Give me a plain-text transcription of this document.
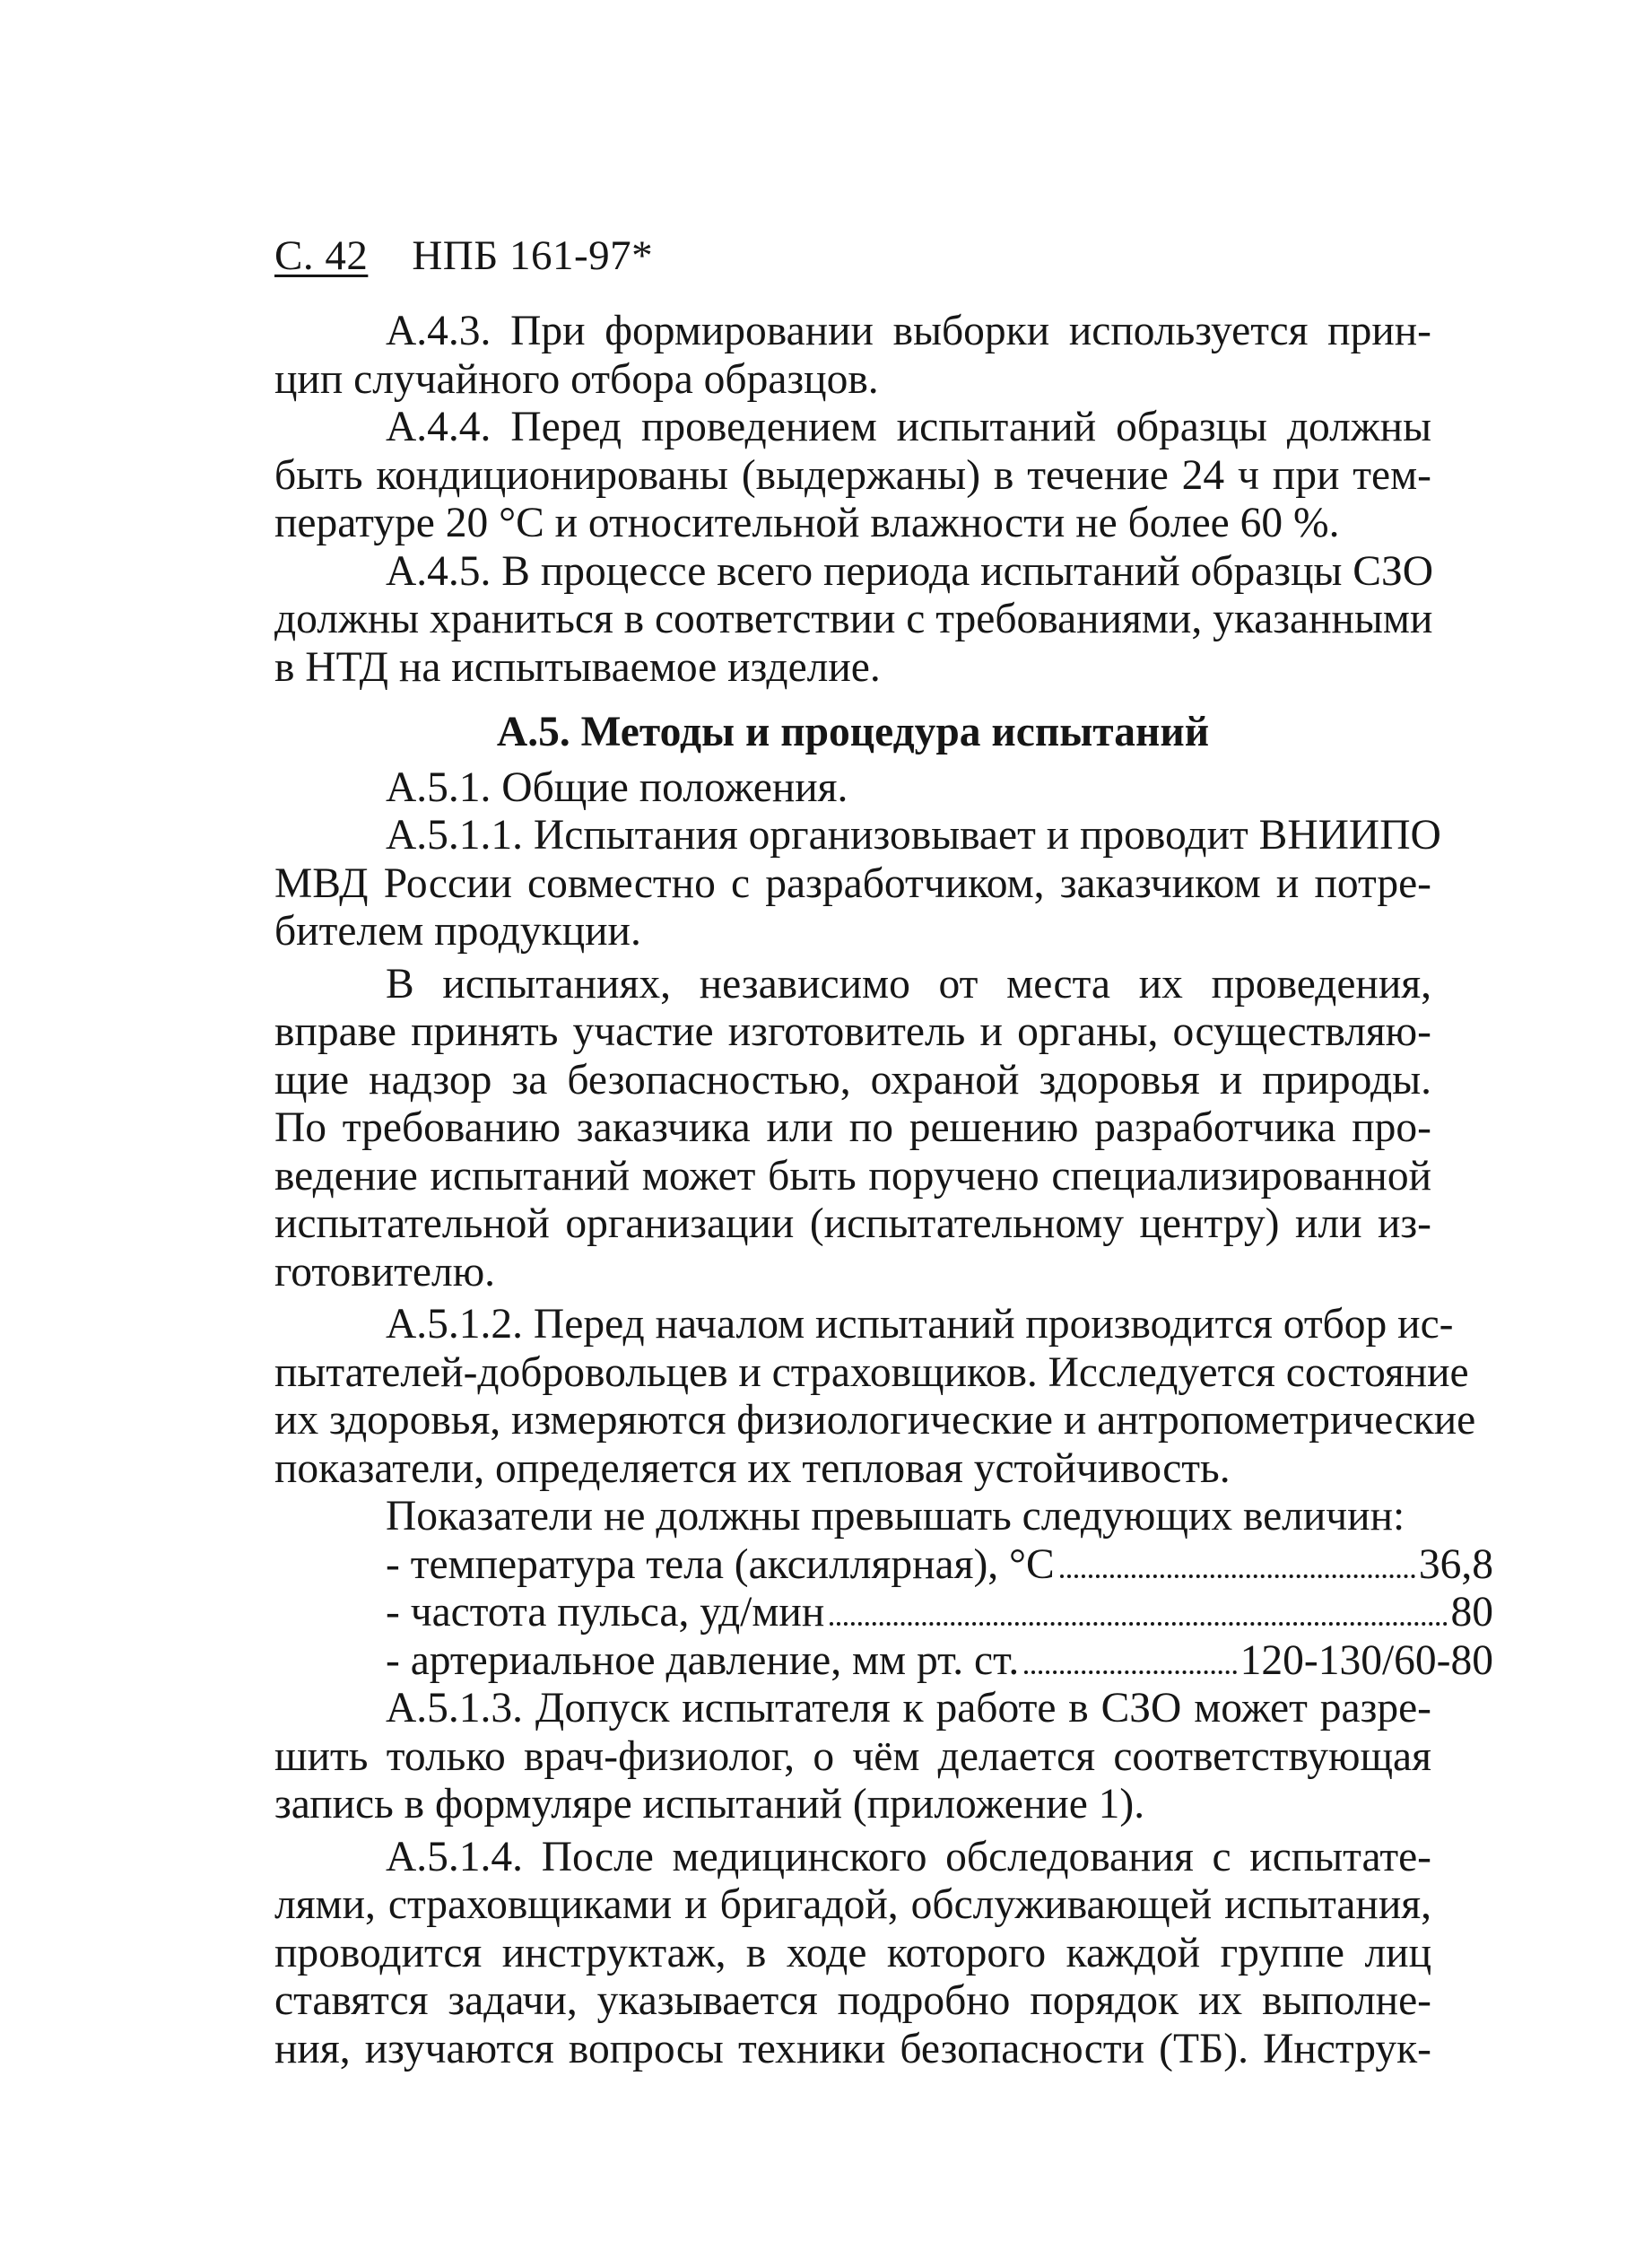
С. 42 НПБ 161-97*
А.4.3. При формировании выборки используется прин-
цип случайного отбора образцов.
А.4.4. Перед проведением испытаний образцы должны
быть кондиционированы (выдержаны) в течение 24 ч при тем-
пературе 20 °С и относительной влажности не более 60 %.
А.4.5. В процессе всего периода испытаний образцы СЗО
должны храниться в соответствии с требованиями, указанными
в НТД на испытываемое изделие.
А.5. Методы и процедура испытаний
А.5.1. Общие положения.
А.5.1.1. Испытания организовывает и проводит ВНИИПО
МВД России совместно с разработчиком, заказчиком и потре-
бителем продукции.
В испытаниях, независимо от места их проведения,
вправе принять участие изготовитель и органы, осуществляю-
щие надзор за безопасностью, охраной здоровья и природы.
По требованию заказчика или по решению разработчика про-
ведение испытаний может быть поручено специализированной
испытательной организации (испытательному центру) или из-
готовителю.
А.5.1.2. Перед началом испытаний производится отбор ис-
пытателей-добровольцев и страховщиков. Исследуется состояние
их здоровья, измеряются физиологические и антропометрические
показатели, определяется их тепловая устойчивость.
Показатели не должны превышать следующих величин:
- температура тела (аксиллярная), °С	36,8
- частота пульса, уд/мин	80
- артериальное давление, мм рт. ст.	120-130/60-80
А.5.1.3. Допуск испытателя к работе в СЗО может разре-
шить только врач-физиолог, о чём делается соответствующая
запись в формуляре испытаний (приложение 1).
А.5.1.4. После медицинского обследования с испытате-
лями, страховщиками и бригадой, обслуживающей испытания,
проводится инструктаж, в ходе которого каждой группе лиц
ставятся задачи, указывается подробно порядок их выполне-
ния, изучаются вопросы техники безопасности (ТБ). Инструк-
